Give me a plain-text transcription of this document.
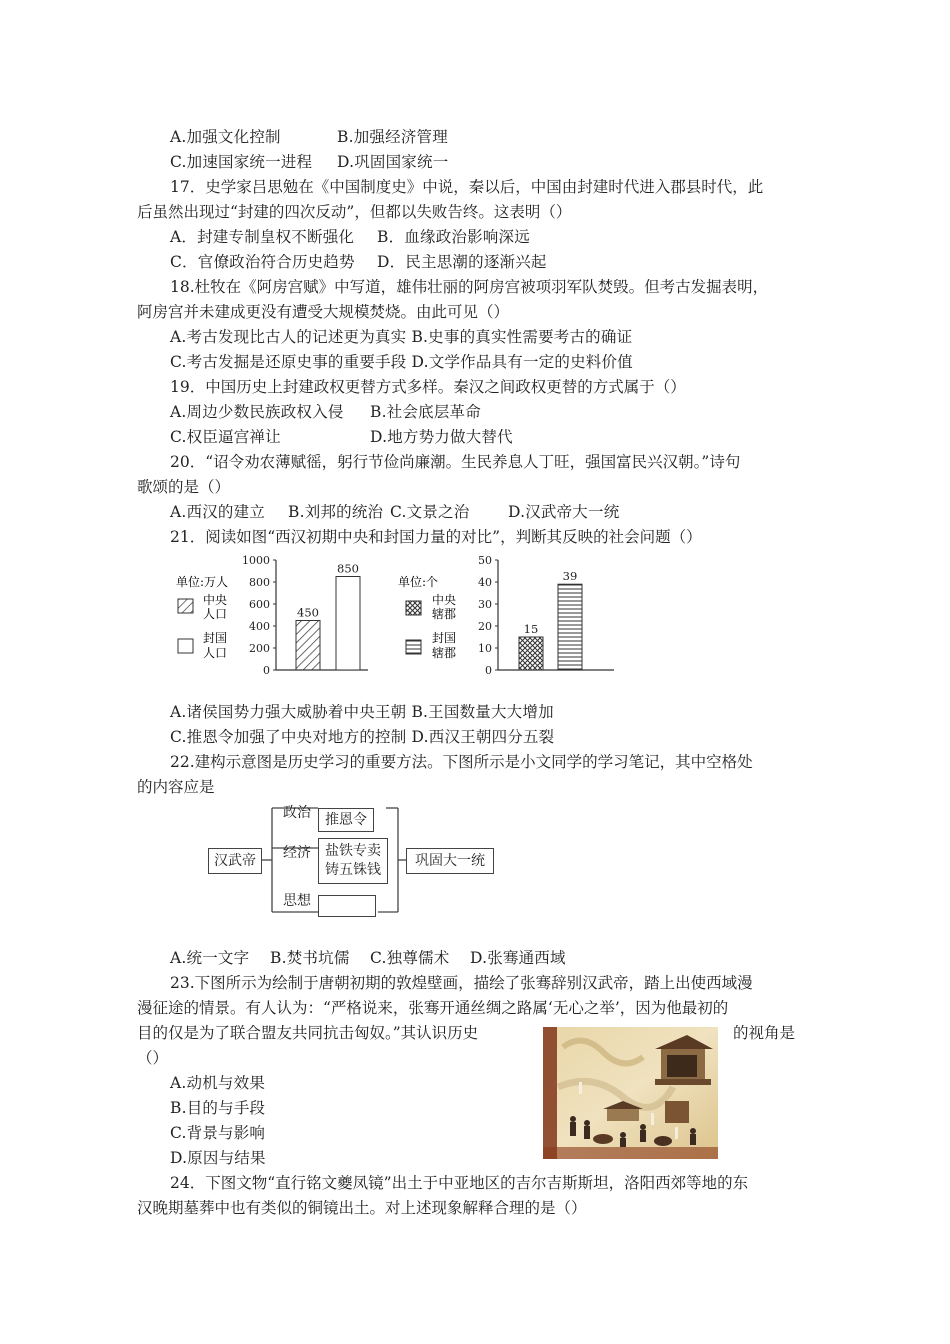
A.加强文化控制	B.加强经济管理
C.加速国家统一进程 D.巩固国家统一
17．史学家吕思勉在《中国制度史》中说，秦以后，中国由封建时代进入郡县时代，此
后虽然出现过“封建的四次反动”，但都以失败告终。这表明（）
A．封建专制皇权不断强化 B．血缘政治影响深远
C．官僚政治符合历史趋势 D．民主思潮的逐渐兴起
18.杜牧在《阿房宫赋》中写道，雄伟壮丽的阿房宫被项羽军队焚毁。但考古发掘表明，
阿房宫并未建成更没有遭受大规模焚烧。由此可见（）
A.考古发现比古人的记述更为真实 B.史事的真实性需要考古的确证
C.考古发掘是还原史事的重要手段 D.文学作品具有一定的史料价值
19．中国历史上封建政权更替方式多样。秦汉之间政权更替的方式属于（）
A.周边少数民族政权入侵 B.社会底层革命
C.权臣逼宫禅让	D.地方势力做大替代
20．“诏令劝农薄赋徭，躬行节俭尚廉潮。生民养息人丁旺，强国富民兴汉朝。”诗句
歌颂的是（）
A.西汉的建立 B.刘邦的统治 C.文景之治 D.汉武帝大一统
21．阅读如图“西汉初期中央和封国力量的对比”，判断其反映的社会问题（）
1000
800
600
400
200
0
450
850
50
40
30
20
10
0
15
39
单位:万人
中央
人口
封国
人口
单位:个
中央
辖郡
封国
辖郡
A.诸侯国势力强大威胁着中央王朝 B.王国数量大大增加
C.推恩令加强了中央对地方的控制 D.西汉王朝四分五裂
22.建构示意图是历史学习的重要方法。下图所示是小文同学的学习笔记，其中空格处
的内容应是
汉武帝
政治	推恩令
经济 盐铁专卖
铸五铢钱
思想
巩固大一统
A.统一文字 B.焚书坑儒 C.独尊儒术 D.张骞通西域
23.下图所示为绘制于唐朝初期的敦煌壁画，描绘了张骞辞别汉武帝，踏上出使西域漫
漫征途的情景。有人认为：“严格说来，张骞开通丝绸之路属‘无心之举’，因为他最初的
目的仅是为了联合盟友共同抗击匈奴。”其认识历史	的视角是
（）
A.动机与效果
B.目的与手段
C.背景与影响
D.原因与结果
24．下图文物“直行铭文夔凤镜”出土于中亚地区的吉尔吉斯斯坦，洛阳西郊等地的东
汉晚期墓葬中也有类似的铜镜出土。对上述现象解释合理的是（）
